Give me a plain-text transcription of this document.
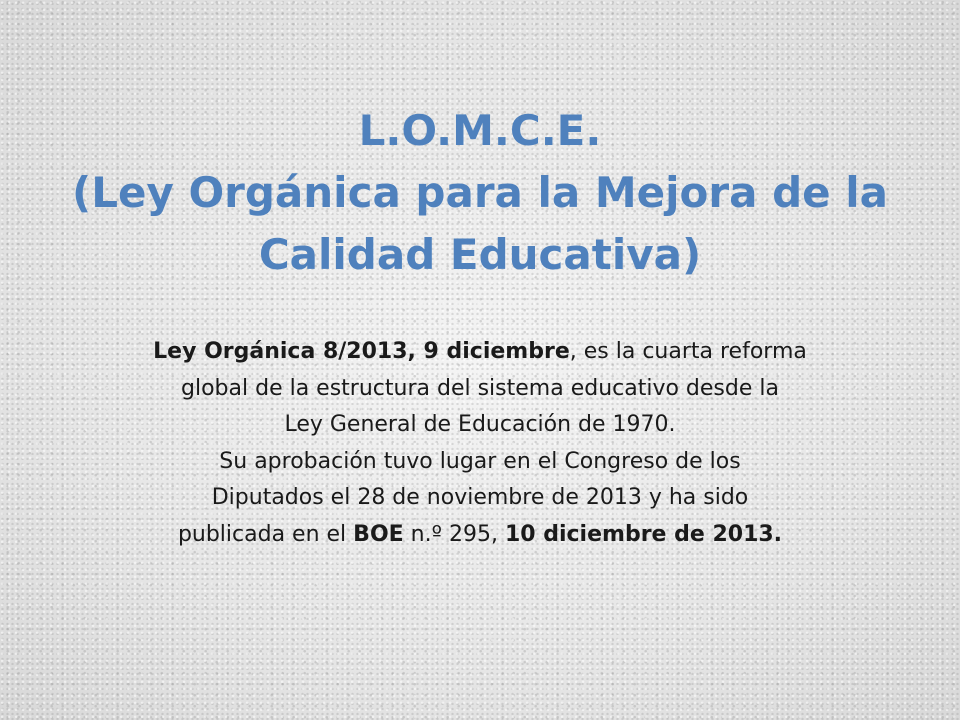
L.O.M.C.E.
(Ley Orgánica para la Mejora de la
Calidad Educativa)
Ley Orgánica 8/2013, 9 diciembre, es la cuarta reforma
global de la estructura del sistema educativo desde la
Ley General de Educación de 1970.
Su aprobación tuvo lugar en el Congreso de los
Diputados el 28 de noviembre de 2013 y ha sido
publicada en el BOE n.º 295, 10 diciembre de 2013.
